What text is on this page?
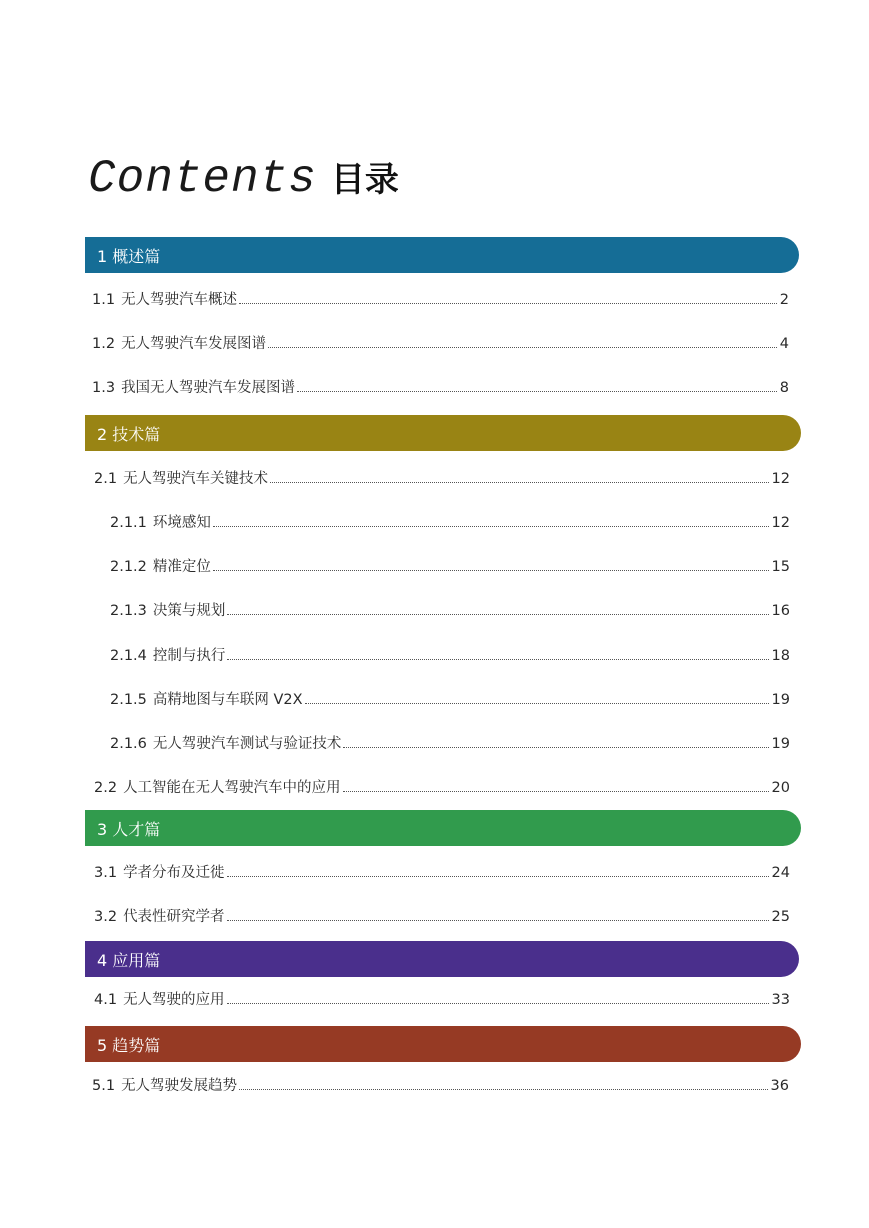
Contents 目录
1 概述篇
1.1 无人驾驶汽车概述	2
1.2 无人驾驶汽车发展图谱	4
1.3 我国无人驾驶汽车发展图谱	8
2 技术篇
2.1 无人驾驶汽车关键技术	12
2.1.1 环境感知	12
2.1.2 精准定位	15
2.1.3 决策与规划	16
2.1.4 控制与执行	18
2.1.5 高精地图与车联网 V2X	19
2.1.6 无人驾驶汽车测试与验证技术	19
2.2 人工智能在无人驾驶汽车中的应用	20
3 人才篇
3.1 学者分布及迁徙	24
3.2 代表性研究学者	25
4 应用篇
4.1 无人驾驶的应用	33
5 趋势篇
5.1 无人驾驶发展趋势	36
